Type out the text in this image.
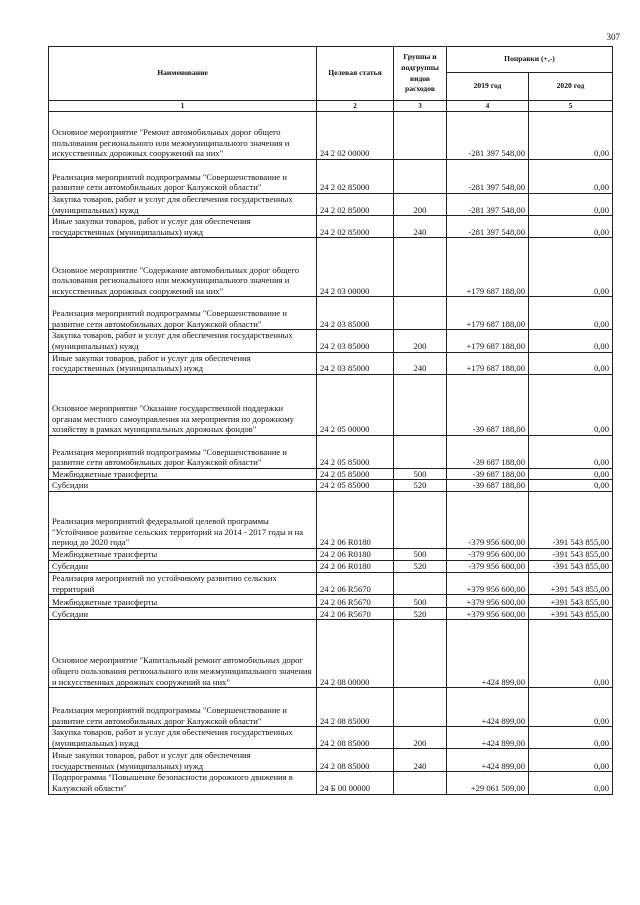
307
Наименование	Целевая статья	Группы и подгруппы видов расходов	Поправки (+,-)	
			2019 год	2020 год
1	2	3	4	5
Основное мероприятие "Ремонт автомобильных дорог общего пользования регионального или межмуниципального значения и искусственных дорожных сооружений на них"	24 2 02 00000		-281 397 548,00	0,00
Реализация мероприятий подпрограммы "Совершенствование и развитие сети автомобильных дорог Калужской области"	24 2 02 85000		-281 397 548,00	0,00
Закупка товаров, работ и услуг для обеспечения государственных (муниципальных) нужд	24 2 02 85000	200	-281 397 548,00	0,00
Иные закупки товаров, работ и услуг для обеспечения государственных (муниципальных) нужд	24 2 02 85000	240	-281 397 548,00	0,00
Основное мероприятие "Содержание автомобильных дорог общего пользования регионального или межмуниципального значения и искусственных дорожных сооружений на них"	24 2 03 00000		+179 687 188,00	0,00
Реализация мероприятий подпрограммы "Совершенствование и развитие сети автомобильных дорог Калужской области"	24 2 03 85000		+179 687 188,00	0,00
Закупка товаров, работ и услуг для обеспечения государственных (муниципальных) нужд	24 2 03 85000	200	+179 687 188,00	0,00
Иные закупки товаров, работ и услуг для обеспечения государственных (муниципальных) нужд	24 2 03 85000	240	+179 687 188,00	0,00
Основное мероприятие "Оказание государственной поддержки органам местного самоуправления на мероприятия по дорожному хозяйству в рамках муниципальных дорожных фондов"	24 2 05 00000		-39 687 188,00	0,00
Реализация мероприятий подпрограммы "Совершенствование и развитие сети автомобильных дорог Калужской области"	24 2 05 85000		-39 687 188,00	0,00
Межбюджетные трансферты	24 2 05 85000	500	-39 687 188,00	0,00
Субсидии	24 2 05 85000	520	-39 687 188,00	0,00
Реализация мероприятий федеральной целевой программы "Устойчивое развитие сельских территорий на 2014 - 2017 годы и на период до 2020 года"	24 2 06 R0180		-379 956 600,00	-391 543 855,00
Межбюджетные трансферты	24 2 06 R0180	500	-379 956 600,00	-391 543 855,00
Субсидии	24 2 06 R0180	520	-379 956 600,00	-391 543 855,00
Реализация мероприятий по устойчивому развитию сельских территорий	24 2 06 R5670		+379 956 600,00	+391 543 855,00
Межбюджетные трансферты	24 2 06 R5670	500	+379 956 600,00	+391 543 855,00
Субсидии	24 2 06 R5670	520	+379 956 600,00	+391 543 855,00
Основное мероприятие "Капитальный ремонт автомобильных дорог общего пользования регионального или межмуниципального значения и искусственных дорожных сооружений на них"	24 2 08 00000		+424 899,00	0,00
Реализация мероприятий подпрограммы "Совершенствование и развитие сети автомобильных дорог Калужской области"	24 2 08 85000		+424 899,00	0,00
Закупка товаров, работ и услуг для обеспечения государственных (муниципальных) нужд	24 2 08 85000	200	+424 899,00	0,00
Иные закупки товаров, работ и услуг для обеспечения государственных (муниципальных) нужд	24 2 08 85000	240	+424 899,00	0,00
Подпрограмма "Повышение безопасности дорожного движения в Калужской области"	24 Б 00 00000		+29 061 509,00	0,00
